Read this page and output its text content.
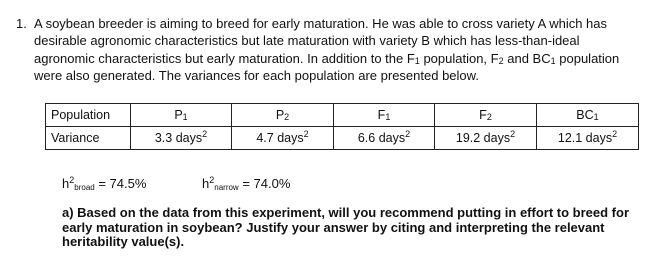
1. A soybean breeder is aiming to breed for early maturation. He was able to cross variety A which has
desirable agronomic characteristics but late maturation with variety B which has less-than-ideal
agronomic characteristics but early maturation. In addition to the $F_1$ population, $F_2$ and $BC_1$ population
were also generated. The variances for each population are presented below.
Population	$P_1$	$P_2$	$F_1$	$F_2$	$BC_1$
Variance	3.3 days$^2$	4.7 days$^2$	6.6 days$^2$	19.2 days$^2$	12.1 days$^2$
$h^2_{broad} = 74.5\%$	$h^2_{narrow} = 74.0\%$
a) Based on the data from this experiment, will you recommend putting in effort to breed for
early maturation in soybean? Justify your answer by citing and interpreting the relevant
heritability value(s).
